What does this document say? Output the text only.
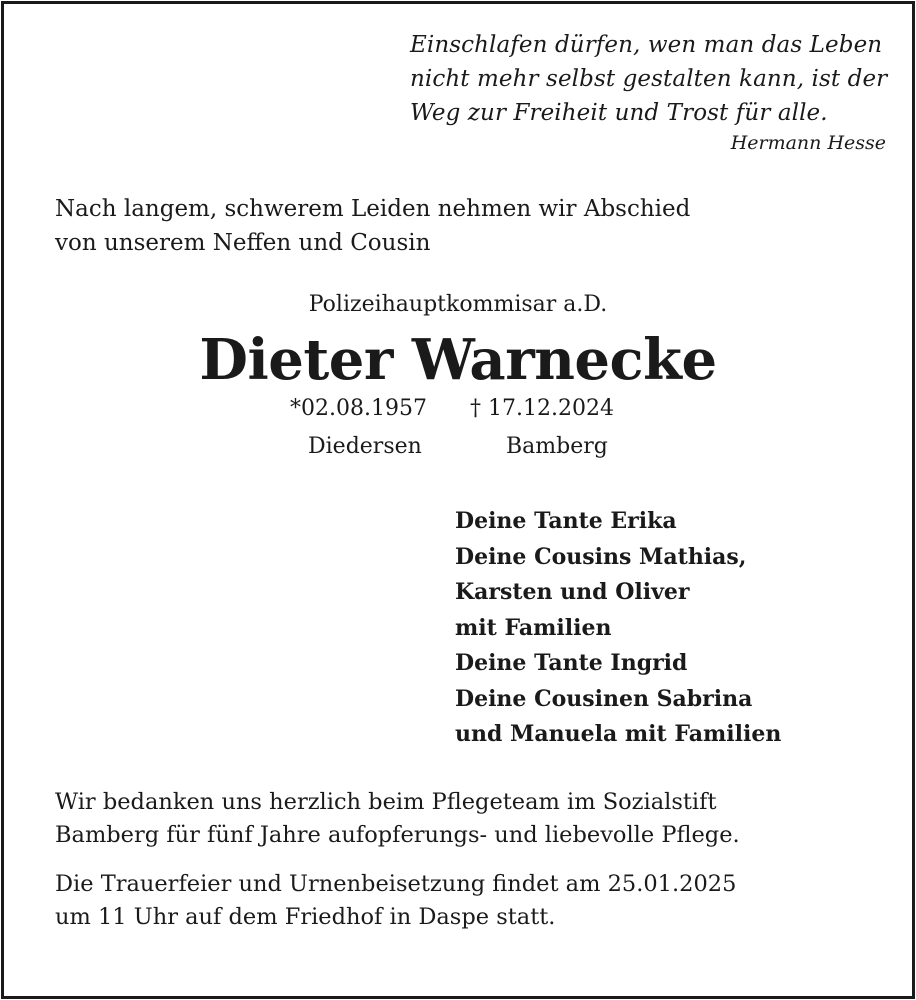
Einschlafen dürfen, wen man das Leben
nicht mehr selbst gestalten kann, ist der
Weg zur Freiheit und Trost für alle.
Hermann Hesse
Nach langem, schwerem Leiden nehmen wir Abschied
von unserem Neffen und Cousin
Polizeihauptkommisar a.D.
Dieter Warnecke
*02.08.1957 † 17.12.2024
Diedersen	Bamberg
Deine Tante Erika
Deine Cousins Mathias,
Karsten und Oliver
mit Familien
Deine Tante Ingrid
Deine Cousinen Sabrina
und Manuela mit Familien
Wir bedanken uns herzlich beim Pflegeteam im Sozialstift
Bamberg für fünf Jahre aufopferungs- und liebevolle Pflege.
Die Trauerfeier und Urnenbeisetzung findet am 25.01.2025
um 11 Uhr auf dem Friedhof in Daspe statt.
